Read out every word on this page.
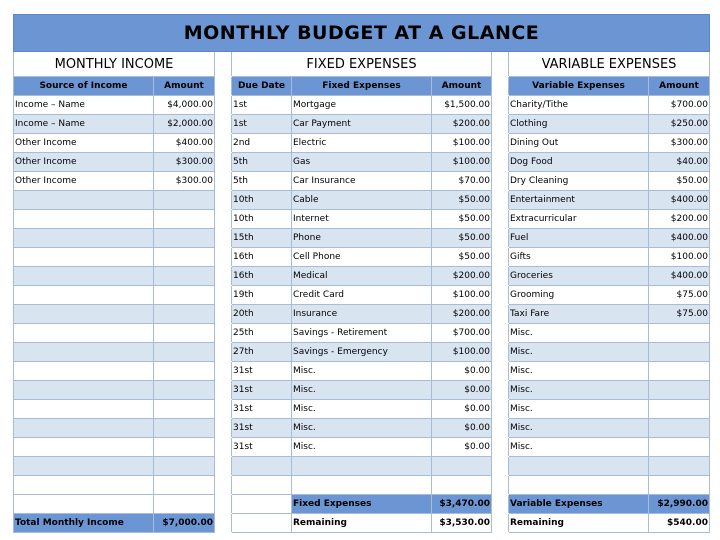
MONTHLY BUDGET AT A GLANCE								
MONTHLY INCOME			FIXED EXPENSES				VARIABLE EXPENSES	
Source of Income	Amount		Due Date	Fixed Expenses	Amount		Variable Expenses	Amount
Income – Name	$4,000.00		1st	Mortgage	$1,500.00		Charity/Tithe	$700.00
Income – Name	$2,000.00		1st	Car Payment	$200.00		Clothing	$250.00
Other Income	$400.00		2nd	Electric	$100.00		Dining Out	$300.00
Other Income	$300.00		5th	Gas	$100.00		Dog Food	$40.00
Other Income	$300.00		5th	Car Insurance	$70.00		Dry Cleaning	$50.00
			10th	Cable	$50.00		Entertainment	$400.00
			10th	Internet	$50.00		Extracurricular	$200.00
			15th	Phone	$50.00		Fuel	$400.00
			16th	Cell Phone	$50.00		Gifts	$100.00
			16th	Medical	$200.00		Groceries	$400.00
			19th	Credit Card	$100.00		Grooming	$75.00
			20th	Insurance	$200.00		Taxi Fare	$75.00
			25th	Savings - Retirement	$700.00		Misc.	
			27th	Savings - Emergency	$100.00		Misc.	
			31st	Misc.	$0.00		Misc.	
			31st	Misc.	$0.00		Misc.	
			31st	Misc.	$0.00		Misc.	
			31st	Misc.	$0.00		Misc.	
			31st	Misc.	$0.00		Misc.	

				Fixed Expenses	$3,470.00		Variable Expenses	$2,990.00
Total Monthly Income	$7,000.00			Remaining	$3,530.00		Remaining	$540.00
